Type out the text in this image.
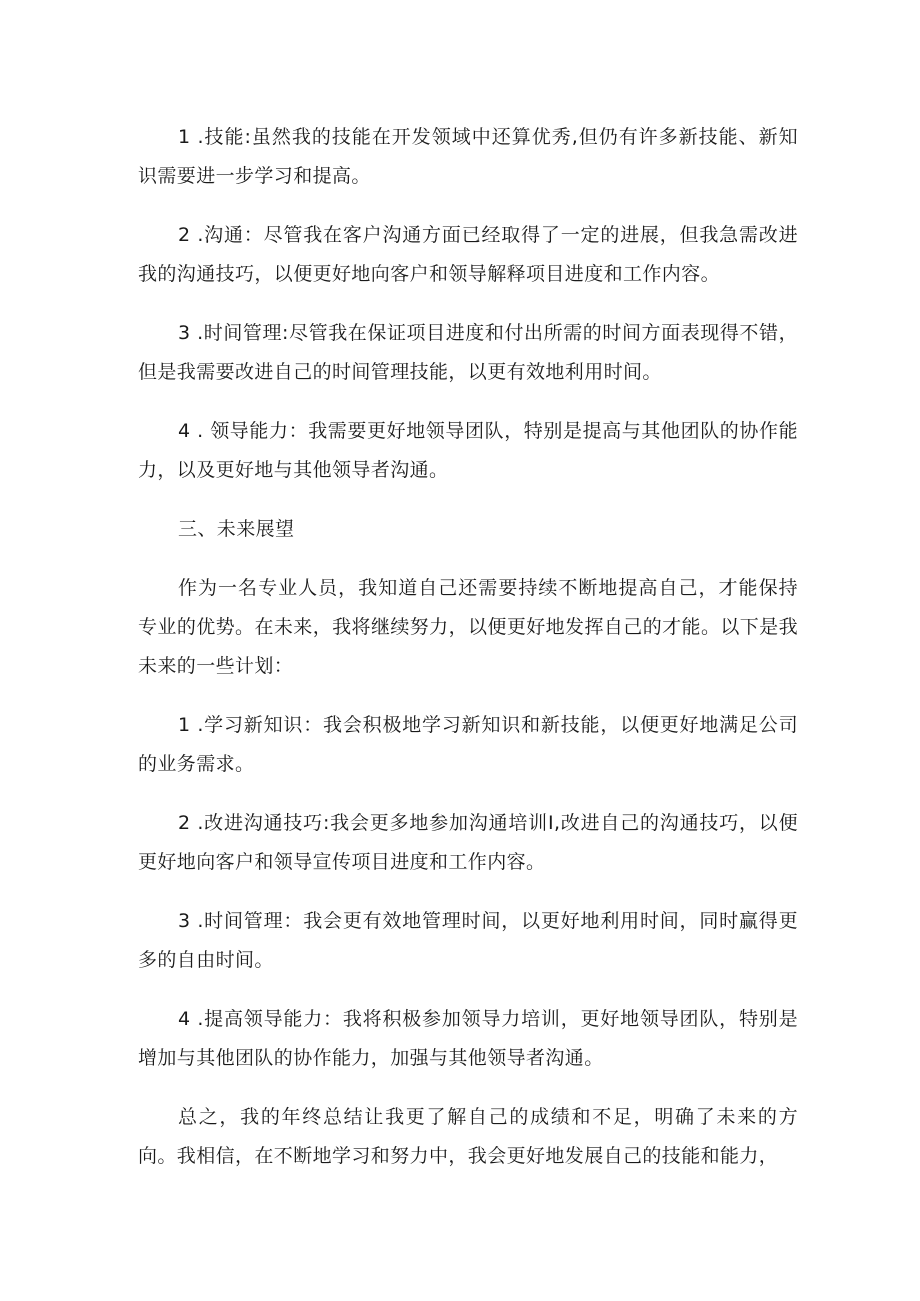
1 .技能:虽然我的技能在开发领域中还算优秀,但仍有许多新技能、新知识需要进一步学习和提高。

2 .沟通：尽管我在客户沟通方面已经取得了一定的进展，但我急需改进我的沟通技巧，以便更好地向客户和领导解释项目进度和工作内容。

3 .时间管理:尽管我在保证项目进度和付出所需的时间方面表现得不错，但是我需要改进自己的时间管理技能，以更有效地利用时间。

4 . 领导能力：我需要更好地领导团队，特别是提高与其他团队的协作能力，以及更好地与其他领导者沟通。

三、未来展望

作为一名专业人员，我知道自己还需要持续不断地提高自己，才能保持专业的优势。在未来，我将继续努力，以便更好地发挥自己的才能。以下是我未来的一些计划：

1 .学习新知识：我会积极地学习新知识和新技能，以便更好地满足公司的业务需求。

2 .改进沟通技巧:我会更多地参加沟通培训I,改进自己的沟通技巧，以便更好地向客户和领导宣传项目进度和工作内容。

3 .时间管理：我会更有效地管理时间，以更好地利用时间，同时赢得更多的自由时间。

4 .提高领导能力：我将积极参加领导力培训，更好地领导团队，特别是增加与其他团队的协作能力，加强与其他领导者沟通。

总之，我的年终总结让我更了解自己的成绩和不足，明确了未来的方向。我相信，在不断地学习和努力中，我会更好地发展自己的技能和能力，
